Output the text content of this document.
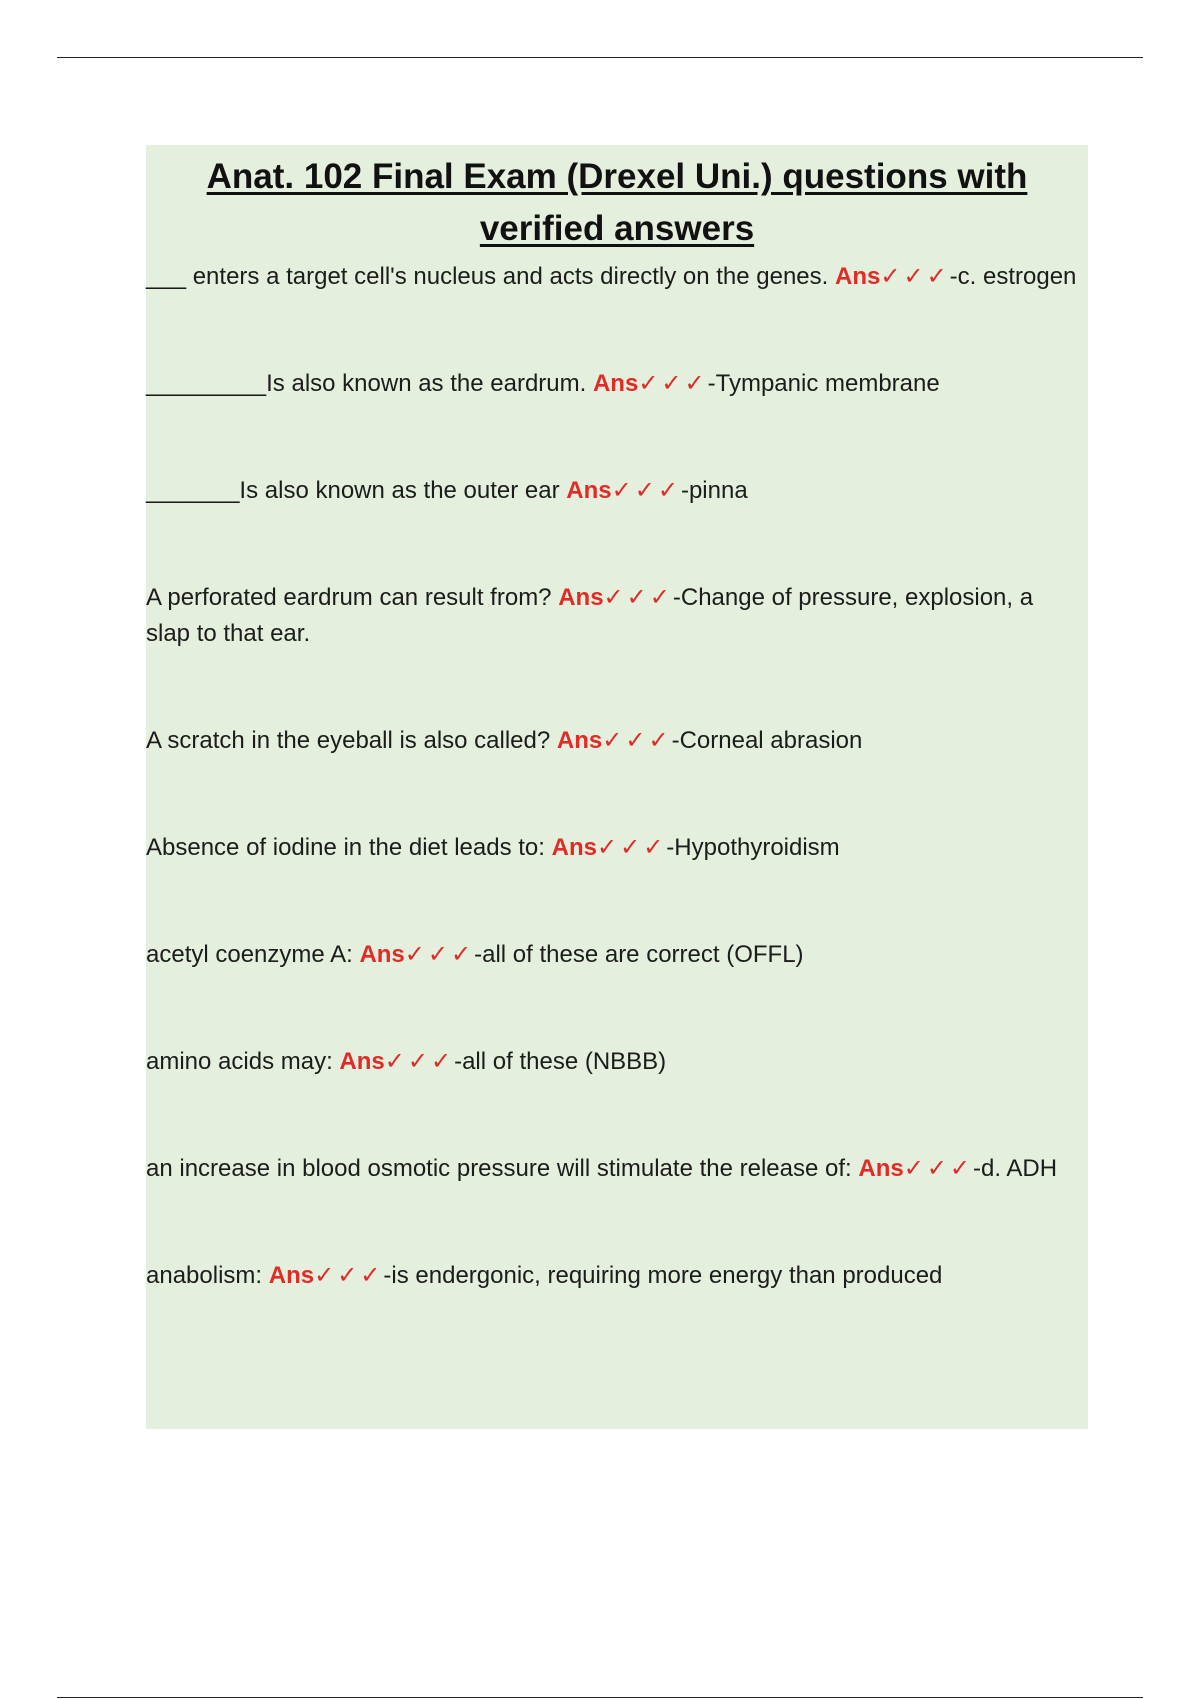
Anat. 102 Final Exam (Drexel Uni.) questions with verified answers

___ enters a target cell's nucleus and acts directly on the genes. Ans✓✓✓-c. estrogen

_________Is also known as the eardrum. Ans✓✓✓-Tympanic membrane

_______Is also known as the outer ear Ans✓✓✓-pinna

A perforated eardrum can result from? Ans✓✓✓-Change of pressure, explosion, a slap to that ear.

A scratch in the eyeball is also called? Ans✓✓✓-Corneal abrasion

Absence of iodine in the diet leads to: Ans✓✓✓-Hypothyroidism

acetyl coenzyme A: Ans✓✓✓-all of these are correct (OFFL)

amino acids may: Ans✓✓✓-all of these (NBBB)

an increase in blood osmotic pressure will stimulate the release of: Ans✓✓✓-d. ADH

anabolism: Ans✓✓✓-is endergonic, requiring more energy than produced
